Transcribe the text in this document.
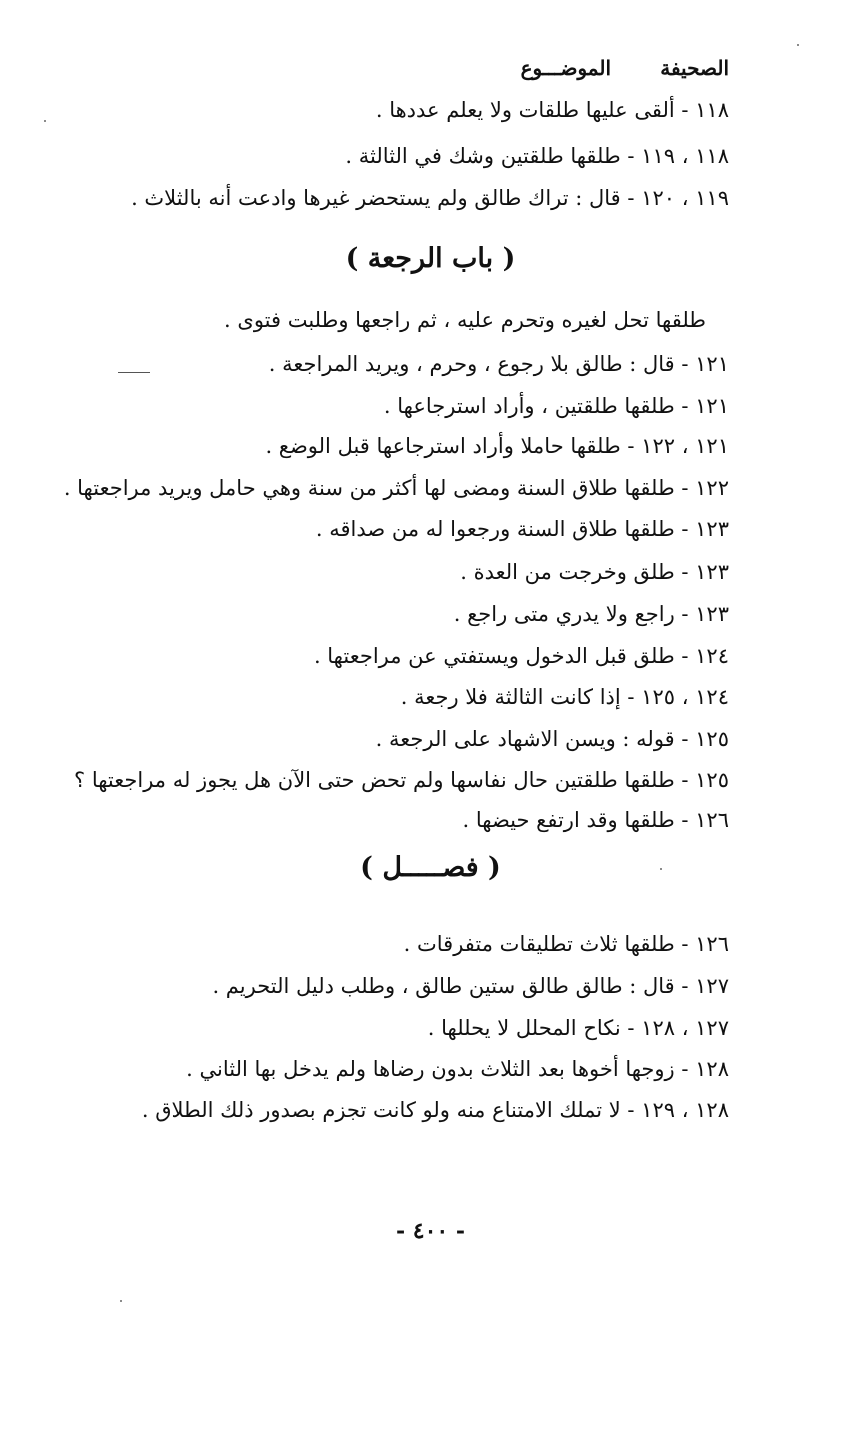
الصحيفة
الموضـــوع
١١٨ - ألقى عليها طلقات ولا يعلم عددها .
١١٨ ، ١١٩ - طلقها طلقتين وشك في الثالثة .
١١٩ ، ١٢٠ - قال : تراك طالق ولم يستحضر غيرها وادعت أنه بالثلاث .
( باب الرجعة )
طلقها تحل لغيره وتحرم عليه ، ثم راجعها وطلبت فتوى .
١٢١ - قال : طالق بلا رجوع ، وحرم ، ويريد المراجعة .
١٢١ - طلقها طلقتين ، وأراد استرجاعها .
١٢١ ، ١٢٢ - طلقها حاملا وأراد استرجاعها قبل الوضع .
١٢٢ - طلقها طلاق السنة ومضى لها أكثر من سنة وهي حامل ويريد مراجعتها .
١٢٣ - طلقها طلاق السنة ورجعوا له من صداقه .
١٢٣ - طلق وخرجت من العدة .
١٢٣ - راجع ولا يدري متى راجع .
١٢٤ - طلق قبل الدخول ويستفتي عن مراجعتها .
١٢٤ ، ١٢٥ - إذا كانت الثالثة فلا رجعة .
١٢٥ - قوله : ويسن الاشهاد على الرجعة .
١٢٥ - طلقها طلقتين حال نفاسها ولم تحض حتى الآن هل يجوز له مراجعتها ؟
١٢٦ - طلقها وقد ارتفع حيضها .
( فصـــــل )
١٢٦ - طلقها ثلاث تطليقات متفرقات .
١٢٧ - قال : طالق طالق ستين طالق ، وطلب دليل التحريم .
١٢٧ ، ١٢٨ - نكاح المحلل لا يحللها .
١٢٨ - زوجها أخوها بعد الثلاث بدون رضاها ولم يدخل بها الثاني .
١٢٨ ، ١٢٩ - لا تملك الامتناع منه ولو كانت تجزم بصدور ذلك الطلاق .
- ٤٠٠ -
